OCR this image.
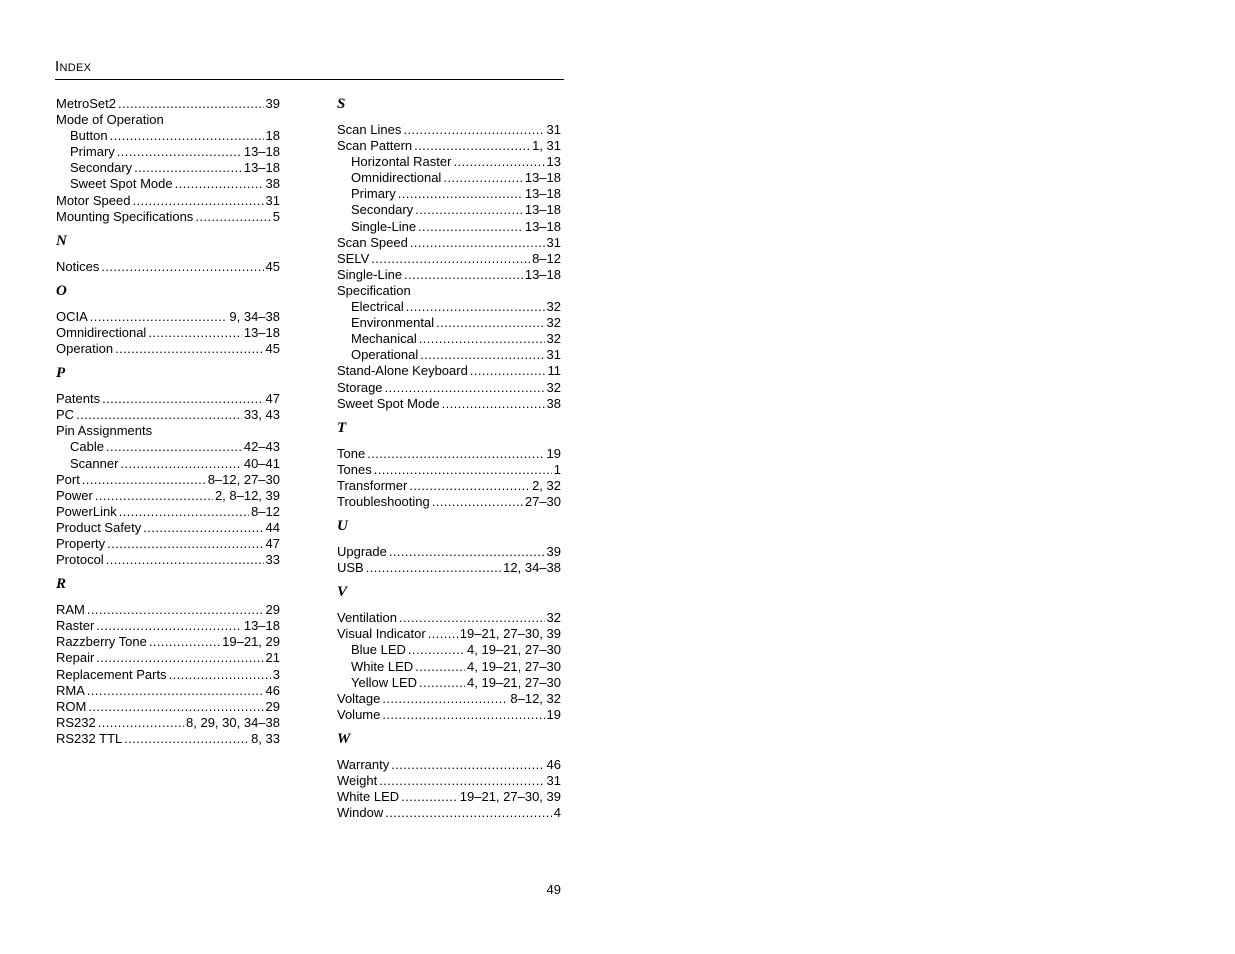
Index
MetroSet2 .....	39
Mode of Operation
Button .....	18
Primary .....	13–18
Secondary .....	13–18
Sweet Spot Mode .....	38
Motor Speed .....	31
Mounting Specifications .....	5
N
Notices .....	45
O
OCIA .....	9, 34–38
Omnidirectional .....	13–18
Operation .....	45
P
Patents .....	47
PC .....	33, 43
Pin Assignments
Cable .....	42–43
Scanner .....	40–41
Port .....	8–12, 27–30
Power .....	2, 8–12, 39
PowerLink .....	8–12
Product Safety .....	44
Property .....	47
Protocol .....	33
R
RAM .....	29
Raster .....	13–18
Razzberry Tone .....	19–21, 29
Repair .....	21
Replacement Parts .....	3
RMA .....	46
ROM .....	29
RS232 .....	8, 29, 30, 34–38
RS232 TTL .....	8, 33
S
Scan Lines .....	31
Scan Pattern .....	1, 31
Horizontal Raster .....	13
Omnidirectional .....	13–18
Primary .....	13–18
Secondary .....	13–18
Single-Line .....	13–18
Scan Speed .....	31
SELV .....	8–12
Single-Line .....	13–18
Specification
Electrical .....	32
Environmental .....	32
Mechanical .....	32
Operational .....	31
Stand-Alone Keyboard .....	11
Storage .....	32
Sweet Spot Mode .....	38
T
Tone .....	19
Tones .....	1
Transformer .....	2, 32
Troubleshooting .....	27–30
U
Upgrade .....	39
USB .....	12, 34–38
V
Ventilation .....	32
Visual Indicator .....	19–21, 27–30, 39
Blue LED .....	4, 19–21, 27–30
White LED .....	4, 19–21, 27–30
Yellow LED .....	4, 19–21, 27–30
Voltage .....	8–12, 32
Volume .....	19
W
Warranty .....	46
Weight .....	31
White LED .....	19–21, 27–30, 39
Window .....	4
49
